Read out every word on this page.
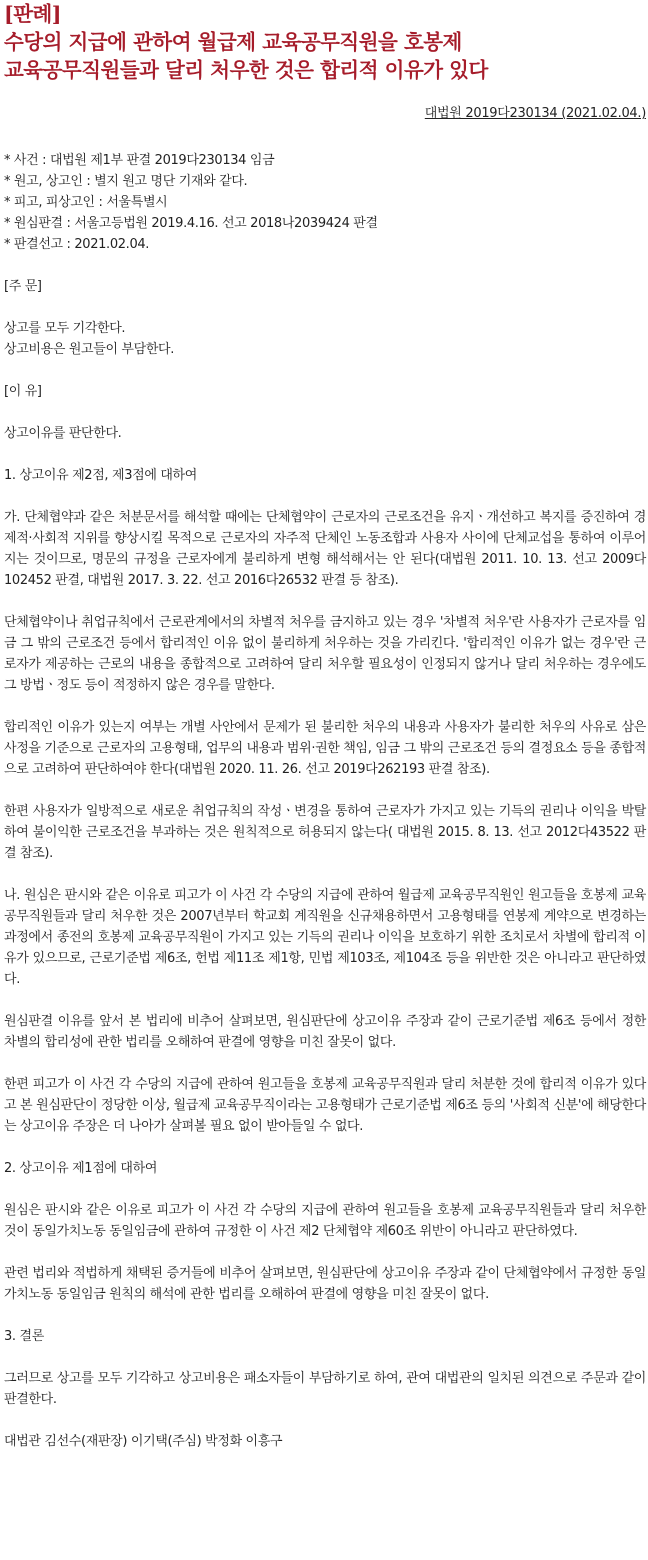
[판례]
수당의 지급에 관하여 월급제 교육공무직원을 호봉제
교육공무직원들과 달리 처우한 것은 합리적 이유가 있다
대법원 2019다230134 (2021.02.04.)
* 사건 : 대법원 제1부 판결 2019다230134 임금
* 원고, 상고인 : 별지 원고 명단 기재와 같다.
* 피고, 피상고인 : 서울특별시
* 원심판결 : 서울고등법원 2019.4.16. 선고 2018나2039424 판결
* 판결선고 : 2021.02.04.
[주 문]

상고를 모두 기각한다.

상고비용은 원고들이 부담한다.

[이 유]

상고이유를 판단한다.

1. 상고이유 제2점, 제3점에 대하여

가. 단체협약과 같은 처분문서를 해석할 때에는 단체협약이 근로자의 근로조건을 유지ㆍ개선하고 복지를 증진하여 경제적·사회적 지위를 향상시킬 목적으로 근로자의 자주적 단체인 노동조합과 사용자 사이에 단체교섭을 통하여 이루어지는 것이므로, 명문의 규정을 근로자에게 불리하게 변형 해석해서는 안 된다(대법원 2011. 10. 13. 선고 2009다102452 판결, 대법원 2017. 3. 22. 선고 2016다26532 판결 등 참조).

단체협약이나 취업규칙에서 근로관계에서의 차별적 처우를 금지하고 있는 경우 '차별적 처우'란 사용자가 근로자를 임금 그 밖의 근로조건 등에서 합리적인 이유 없이 불리하게 처우하는 것을 가리킨다. '합리적인 이유가 없는 경우'란 근로자가 제공하는 근로의 내용을 종합적으로 고려하여 달리 처우할 필요성이 인정되지 않거나 달리 처우하는 경우에도 그 방법ㆍ정도 등이 적정하지 않은 경우를 말한다.

합리적인 이유가 있는지 여부는 개별 사안에서 문제가 된 불리한 처우의 내용과 사용자가 불리한 처우의 사유로 삼은 사정을 기준으로 근로자의 고용형태, 업무의 내용과 범위·권한 책임, 임금 그 밖의 근로조건 등의 결정요소 등을 종합적으로 고려하여 판단하여야 한다(대법원 2020. 11. 26. 선고 2019다262193 판결 참조).

한편 사용자가 일방적으로 새로운 취업규칙의 작성ㆍ변경을 통하여 근로자가 가지고 있는 기득의 권리나 이익을 박탈하여 불이익한 근로조건을 부과하는 것은 원칙적으로 허용되지 않는다( 대법원 2015. 8. 13. 선고 2012다43522 판결 참조).

나. 원심은 판시와 같은 이유로 피고가 이 사건 각 수당의 지급에 관하여 월급제 교육공무직원인 원고들을 호봉제 교육공무직원들과 달리 처우한 것은 2007년부터 학교회 계직원을 신규채용하면서 고용형태를 연봉제 계약으로 변경하는 과정에서 종전의 호봉제 교육공무직원이 가지고 있는 기득의 권리나 이익을 보호하기 위한 조치로서 차별에 합리적 이유가 있으므로, 근로기준법 제6조, 헌법 제11조 제1항, 민법 제103조, 제104조 등을 위반한 것은 아니라고 판단하였다.

원심판결 이유를 앞서 본 법리에 비추어 살펴보면, 원심판단에 상고이유 주장과 같이 근로기준법 제6조 등에서 정한 차별의 합리성에 관한 법리를 오해하여 판결에 영향을 미친 잘못이 없다.

한편 피고가 이 사건 각 수당의 지급에 관하여 원고들을 호봉제 교육공무직원과 달리 처분한 것에 합리적 이유가 있다고 본 원심판단이 정당한 이상, 월급제 교육공무직이라는 고용형태가 근로기준법 제6조 등의 '사회적 신분'에 해당한다는 상고이유 주장은 더 나아가 살펴볼 필요 없이 받아들일 수 없다.

2. 상고이유 제1점에 대하여

원심은 판시와 같은 이유로 피고가 이 사건 각 수당의 지급에 관하여 원고들을 호봉제 교육공무직원들과 달리 처우한 것이 동일가치노동 동일임금에 관하여 규정한 이 사건 제2 단체협약 제60조 위반이 아니라고 판단하였다.

관련 법리와 적법하게 채택된 증거들에 비추어 살펴보면, 원심판단에 상고이유 주장과 같이 단체협약에서 규정한 동일가치노동 동일임금 원칙의 해석에 관한 법리를 오해하여 판결에 영향을 미친 잘못이 없다.

3. 결론

그러므로 상고를 모두 기각하고 상고비용은 패소자들이 부담하기로 하여, 관여 대법관의 일치된 의견으로 주문과 같이 판결한다.

대법관 김선수(재판장) 이기택(주심) 박정화 이흥구
